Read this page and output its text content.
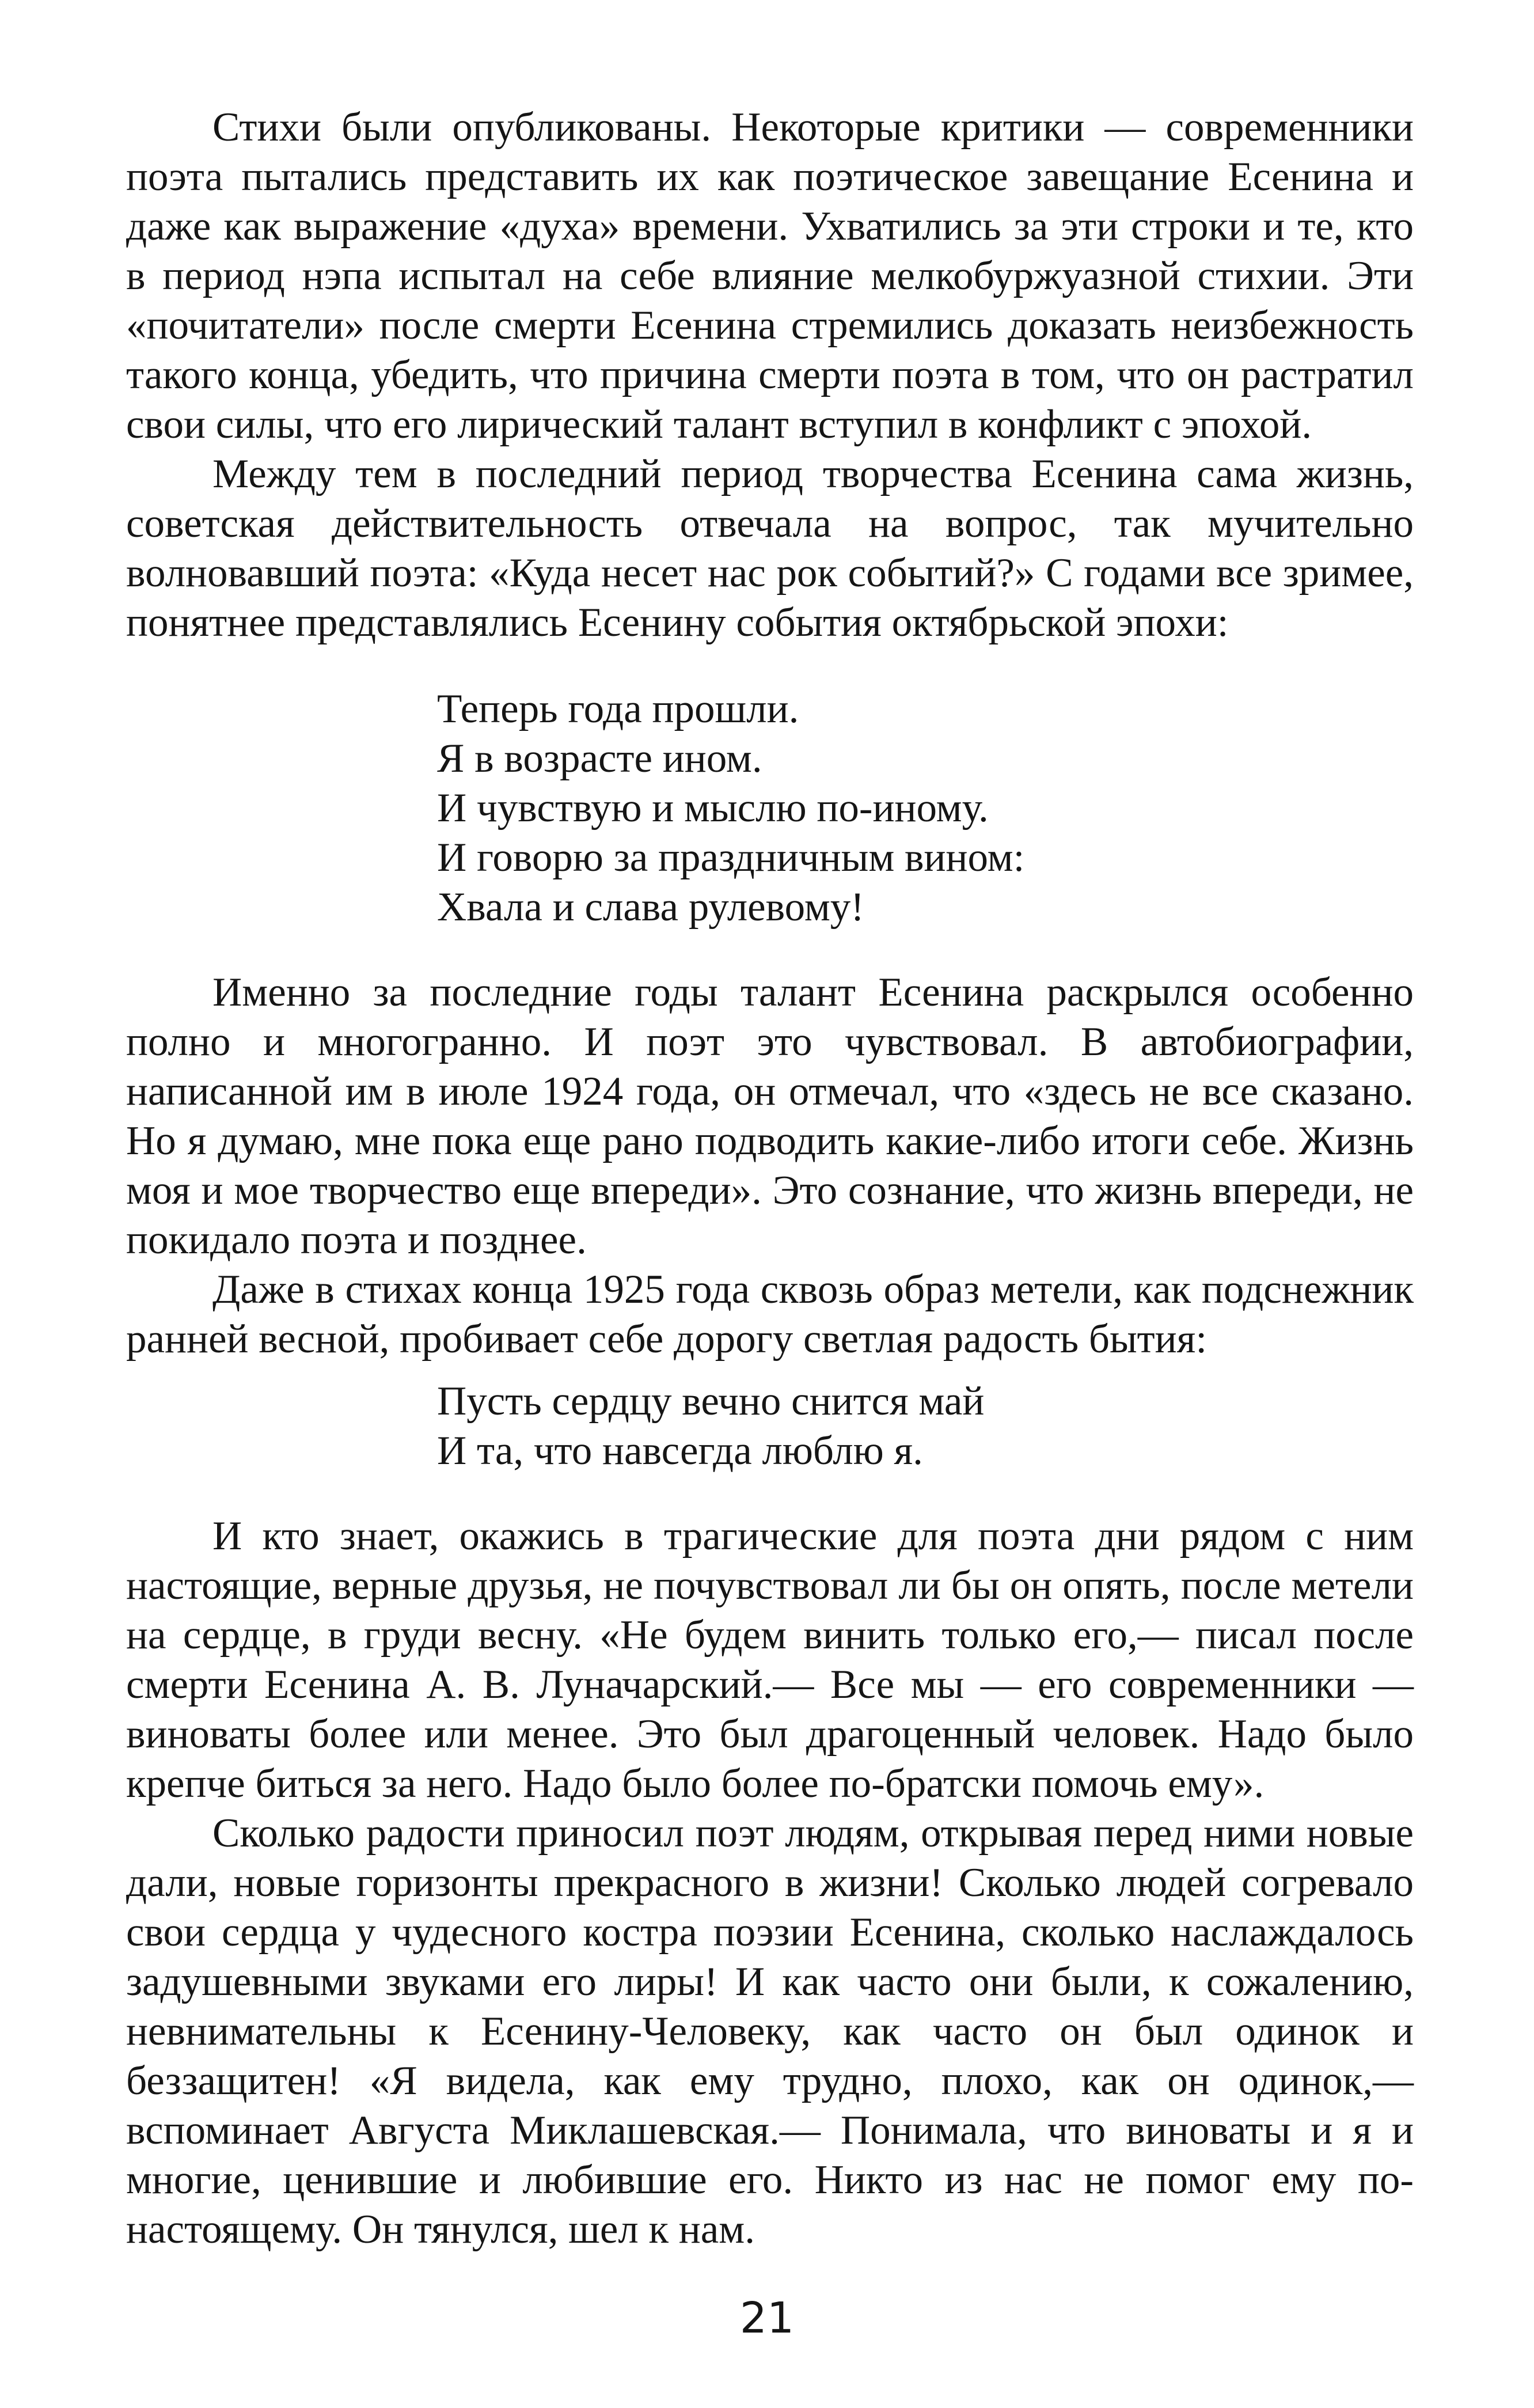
Стихи были опубликованы. Некоторые критики — современники поэта пытались представить их как поэтическое завещание Есенина и даже как выражение «духа» времени. Ухватились за эти строки и те, кто в период нэпа испытал на себе влияние мелкобуржуазной стихии. Эти «почитатели» после смерти Есенина стремились доказать неизбежность такого конца, убедить, что причина смерти поэта в том, что он растратил свои силы, что его лирический талант вступил в конфликт с эпохой.

Между тем в последний период творчества Есенина сама жизнь, советская действительность отвечала на вопрос, так мучительно волновавший поэта: «Куда несет нас рок событий?» С годами все зримее, понятнее представлялись Есенину события октябрьской эпохи:

Теперь года прошли.
Я в возрасте ином.
И чувствую и мыслю по-иному.
И говорю за праздничным вином:
Хвала и слава рулевому!

Именно за последние годы талант Есенина раскрылся особенно полно и многогранно. И поэт это чувствовал. В автобиографии, написанной им в июле 1924 года, он отмечал, что «здесь не все сказано. Но я думаю, мне пока еще рано подводить какие-либо итоги себе. Жизнь моя и мое творчество еще впереди». Это сознание, что жизнь впереди, не покидало поэта и позднее.

Даже в стихах конца 1925 года сквозь образ метели, как подснежник ранней весной, пробивает себе дорогу светлая радость бытия:

Пусть сердцу вечно снится май
И та, что навсегда люблю я.

И кто знает, окажись в трагические для поэта дни рядом с ним настоящие, верные друзья, не почувствовал ли бы он опять, после метели на сердце, в груди весну. «Не будем винить только его,— писал после смерти Есенина А. В. Луначарский.— Все мы — его современники — виноваты более или менее. Это был драгоценный человек. Надо было крепче биться за него. Надо было более по-братски помочь ему».

Сколько радости приносил поэт людям, открывая перед ними новые дали, новые горизонты прекрасного в жизни! Сколько людей согревало свои сердца у чудесного костра поэзии Есенина, сколько наслаждалось задушевными звуками его лиры! И как часто они были, к сожалению, невнимательны к Есенину-Человеку, как часто он был одинок и беззащитен! «Я видела, как ему трудно, плохо, как он одинок,— вспоминает Августа Миклашевская.— Понимала, что виноваты и я и многие, ценившие и любившие его. Никто из нас не помог ему по-настоящему. Он тянулся, шел к нам.

21
